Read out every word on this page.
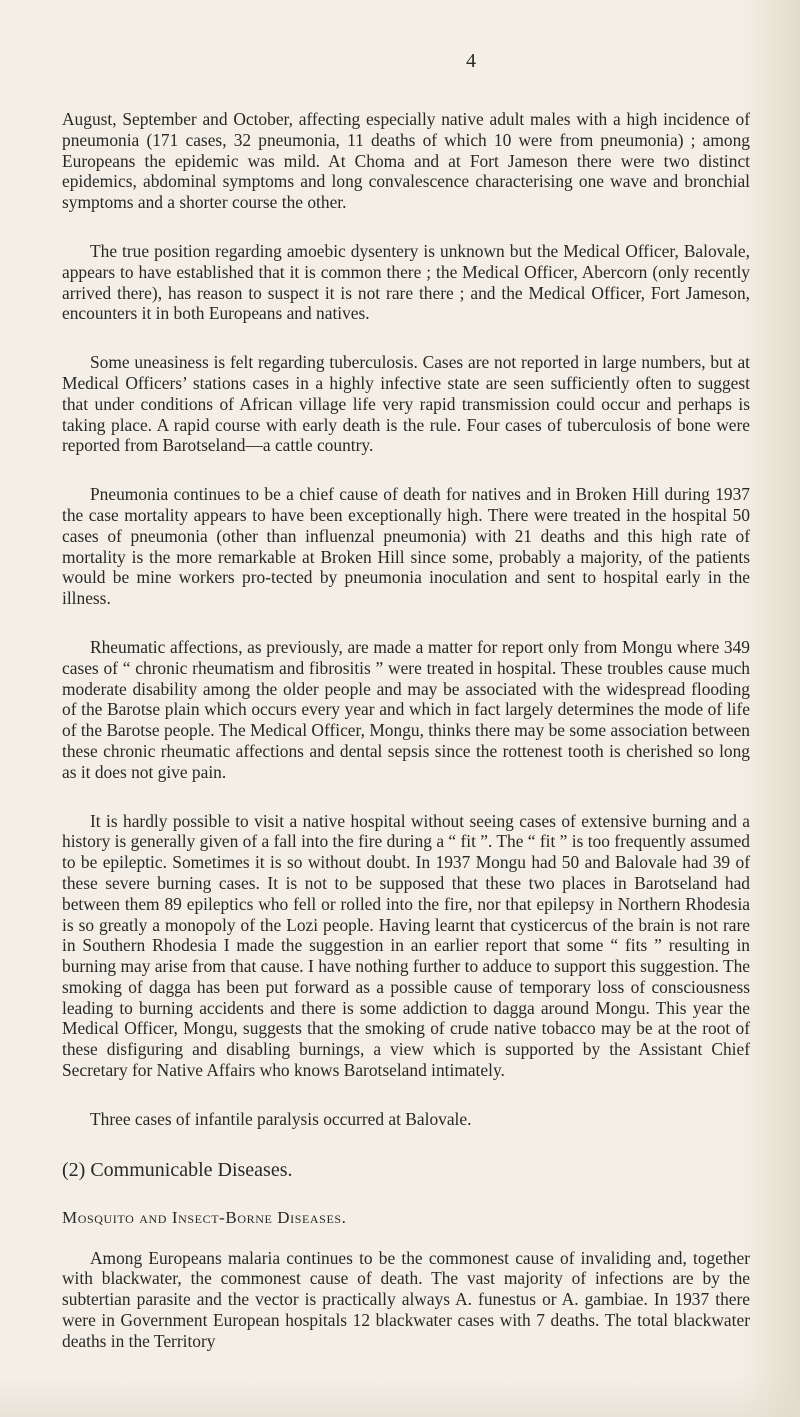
4

August, September and October, affecting especially native adult males with a high incidence of pneumonia (171 cases, 32 pneumonia, 11 deaths of which 10 were from pneumonia) ; among Europeans the epidemic was mild. At Choma and at Fort Jameson there were two distinct epidemics, abdominal symptoms and long convalescence characterising one wave and bronchial symptoms and a shorter course the other.

The true position regarding amoebic dysentery is unknown but the Medical Officer, Balovale, appears to have established that it is common there ; the Medical Officer, Abercorn (only recently arrived there), has reason to suspect it is not rare there ; and the Medical Officer, Fort Jameson, encounters it in both Europeans and natives.

Some uneasiness is felt regarding tuberculosis. Cases are not reported in large numbers, but at Medical Officers’ stations cases in a highly infective state are seen sufficiently often to suggest that under conditions of African village life very rapid transmission could occur and perhaps is taking place. A rapid course with early death is the rule. Four cases of tuberculosis of bone were reported from Barotseland—a cattle country.

Pneumonia continues to be a chief cause of death for natives and in Broken Hill during 1937 the case mortality appears to have been exceptionally high. There were treated in the hospital 50 cases of pneumonia (other than influenzal pneumonia) with 21 deaths and this high rate of mortality is the more remarkable at Broken Hill since some, probably a majority, of the patients would be mine workers pro-tected by pneumonia inoculation and sent to hospital early in the illness.

Rheumatic affections, as previously, are made a matter for report only from Mongu where 349 cases of “ chronic rheumatism and fibrositis ” were treated in hospital. These troubles cause much moderate disability among the older people and may be associated with the widespread flooding of the Barotse plain which occurs every year and which in fact largely determines the mode of life of the Barotse people. The Medical Officer, Mongu, thinks there may be some association between these chronic rheumatic affections and dental sepsis since the rottenest tooth is cherished so long as it does not give pain.

It is hardly possible to visit a native hospital without seeing cases of extensive burning and a history is generally given of a fall into the fire during a “ fit ”. The “ fit ” is too frequently assumed to be epileptic. Sometimes it is so without doubt. In 1937 Mongu had 50 and Balovale had 39 of these severe burning cases. It is not to be supposed that these two places in Barotseland had between them 89 epileptics who fell or rolled into the fire, nor that epilepsy in Northern Rhodesia is so greatly a monopoly of the Lozi people. Having learnt that cysticercus of the brain is not rare in Southern Rhodesia I made the suggestion in an earlier report that some “ fits ” resulting in burning may arise from that cause. I have nothing further to adduce to support this suggestion. The smoking of dagga has been put forward as a possible cause of temporary loss of consciousness leading to burning accidents and there is some addiction to dagga around Mongu. This year the Medical Officer, Mongu, suggests that the smoking of crude native tobacco may be at the root of these disfiguring and disabling burnings, a view which is supported by the Assistant Chief Secretary for Native Affairs who knows Barotseland intimately.

Three cases of infantile paralysis occurred at Balovale.

(2) Communicable Diseases.
Mosquito and Insect-Borne Diseases.

Among Europeans malaria continues to be the commonest cause of invaliding and, together with blackwater, the commonest cause of death. The vast majority of infections are by the subtertian parasite and the vector is practically always A. funestus or A. gambiae. In 1937 there were in Government European hospitals 12 blackwater cases with 7 deaths. The total blackwater deaths in the Territory
